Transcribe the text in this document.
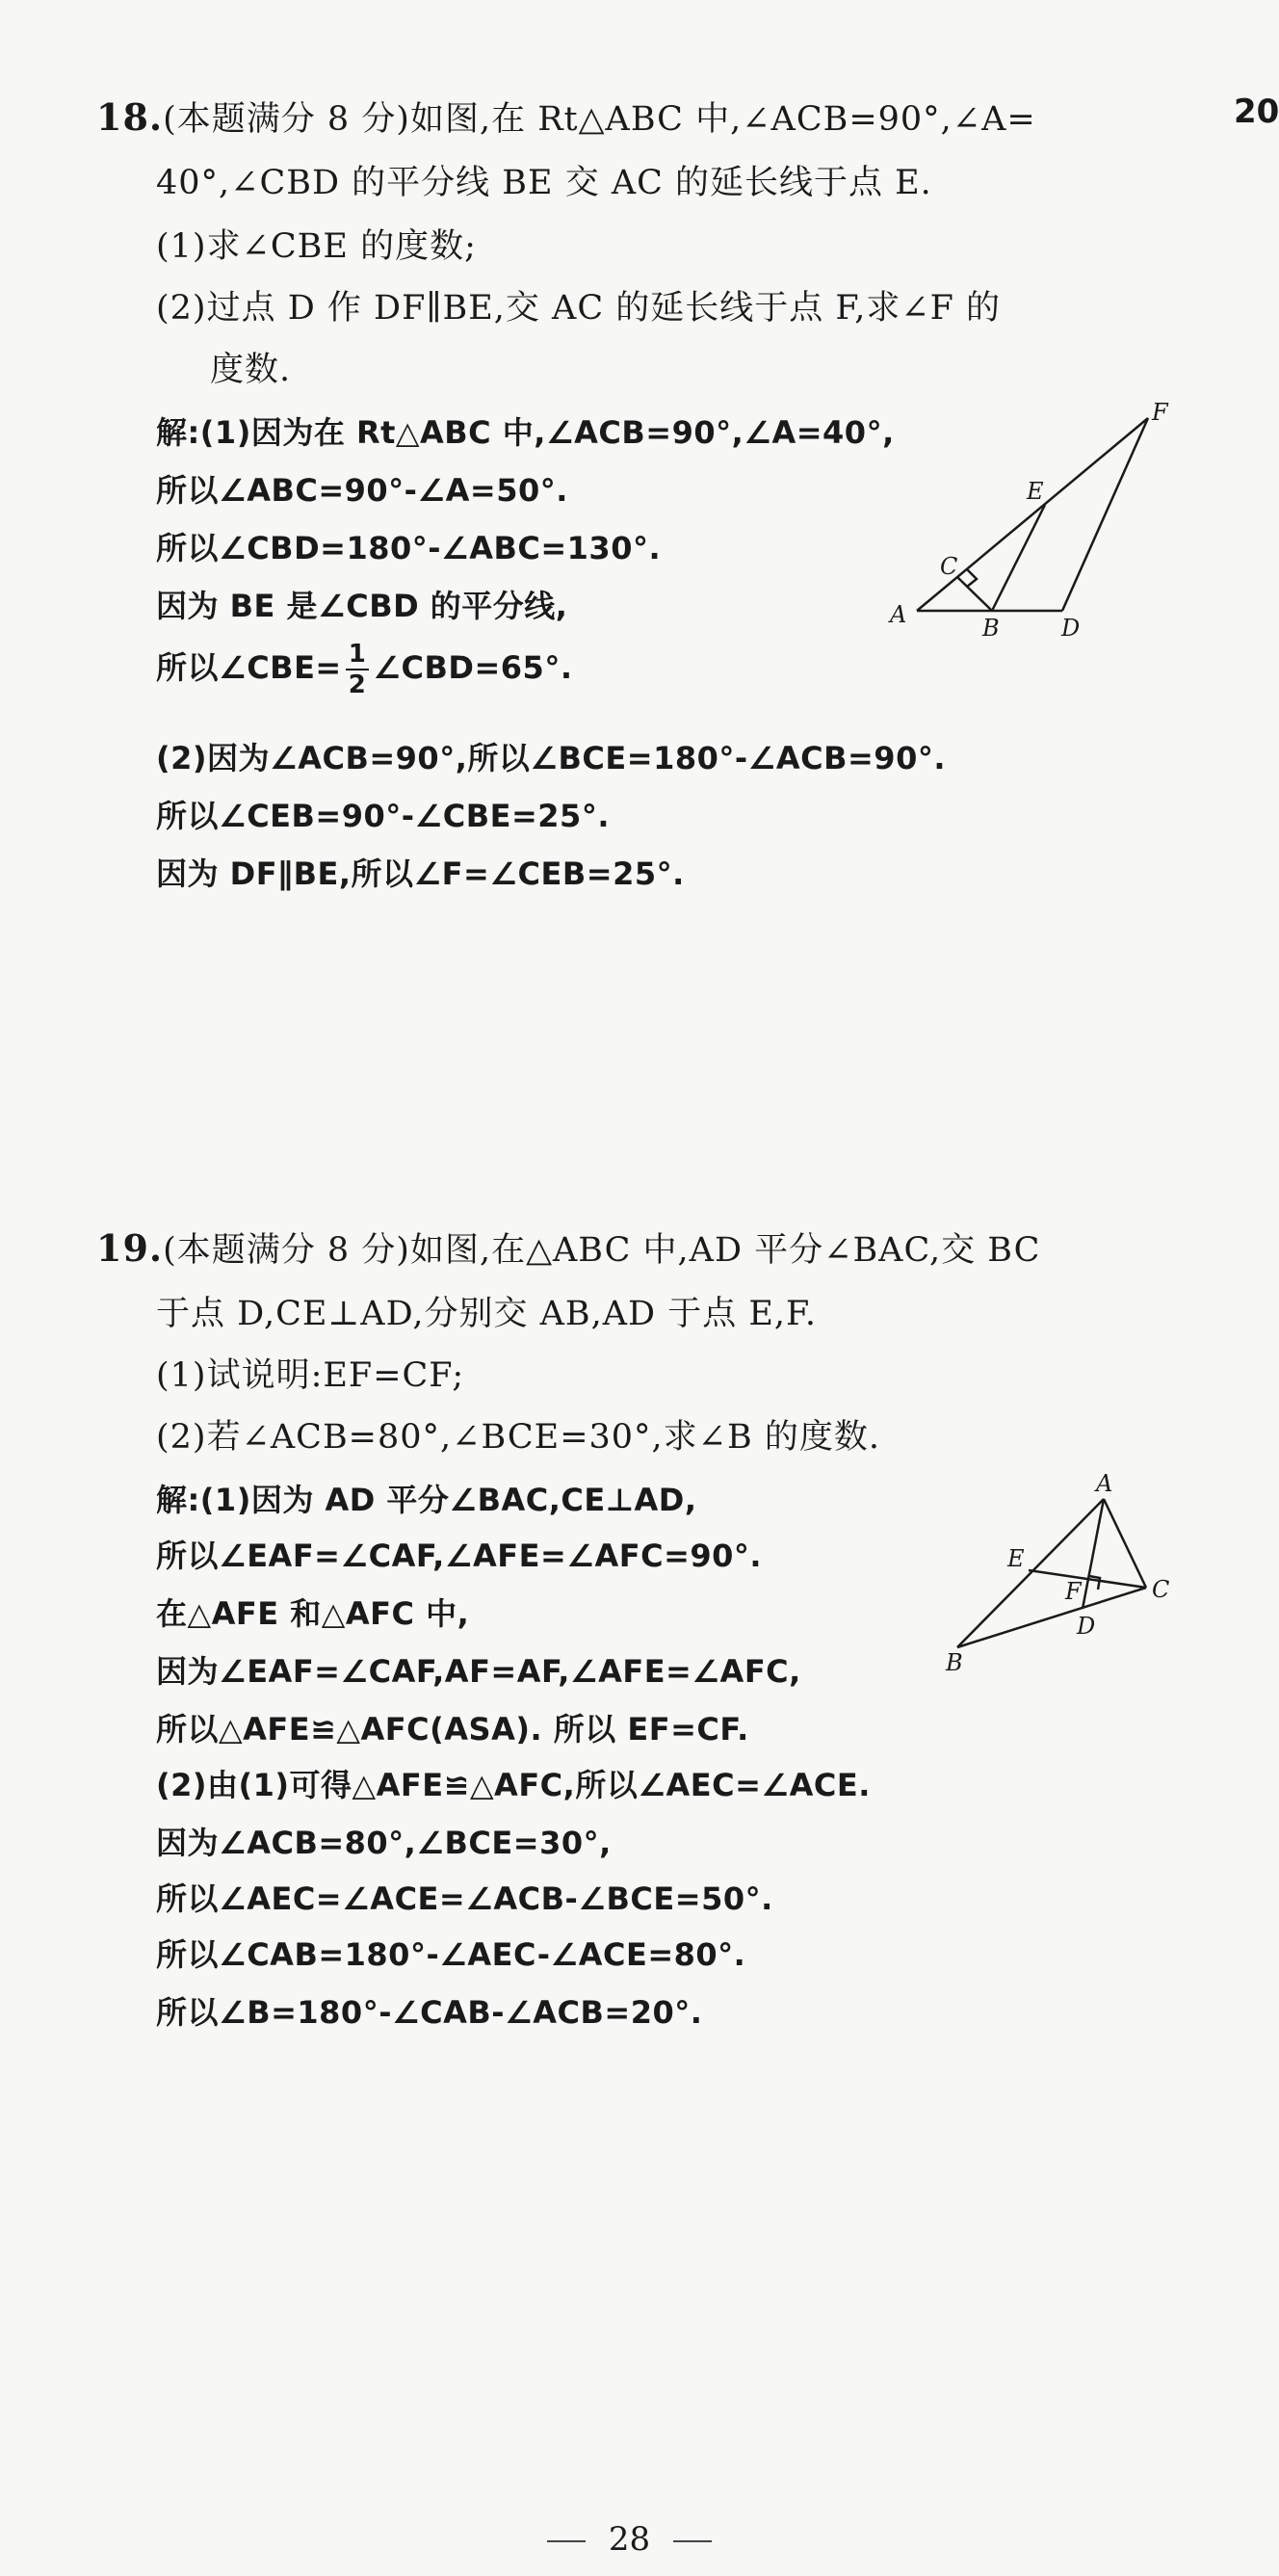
20
18.(本题满分 8 分)如图,在 Rt△ABC 中,∠ACB=90°,∠A=
40°,∠CBD 的平分线 BE 交 AC 的延长线于点 E.
(1)求∠CBE 的度数;
(2)过点 D 作 DF∥BE,交 AC 的延长线于点 F,求∠F 的
度数.
解:(1)因为在 Rt△ABC 中,∠ACB=90°,∠A=40°,
所以∠ABC=90°-∠A=50°.
所以∠CBD=180°-∠ABC=130°.
因为 BE 是∠CBD 的平分线,
所以∠CBE= $\frac{1}{2}$ ∠CBD=65°.
(2)因为∠ACB=90°,所以∠BCE=180°-∠ACB=90°.
所以∠CEB=90°-∠CBE=25°.
因为 DF∥BE,所以∠F=∠CEB=25°.
A	B
C
D
E
F
19.(本题满分 8 分)如图,在△ABC 中,AD 平分∠BAC,交 BC
于点 D,CE⊥AD,分别交 AB,AD 于点 E,F.
(1)试说明:EF=CF;
(2)若∠ACB=80°,∠BCE=30°,求∠B 的度数.
解:(1)因为 AD 平分∠BAC,CE⊥AD,
所以∠EAF=∠CAF,∠AFE=∠AFC=90°.
在△AFE 和△AFC 中,
因为∠EAF=∠CAF,AF=AF,∠AFE=∠AFC,
所以△AFE≌△AFC(ASA). 所以 EF=CF.
(2)由(1)可得△AFE≌△AFC,所以∠AEC=∠ACE.
因为∠ACB=80°,∠BCE=30°,
所以∠AEC=∠ACE=∠ACB-∠BCE=50°.
所以∠CAB=180°-∠AEC-∠ACE=80°.
所以∠B=180°-∠CAB-∠ACB=20°.
A
B
C
D
E
F
28
